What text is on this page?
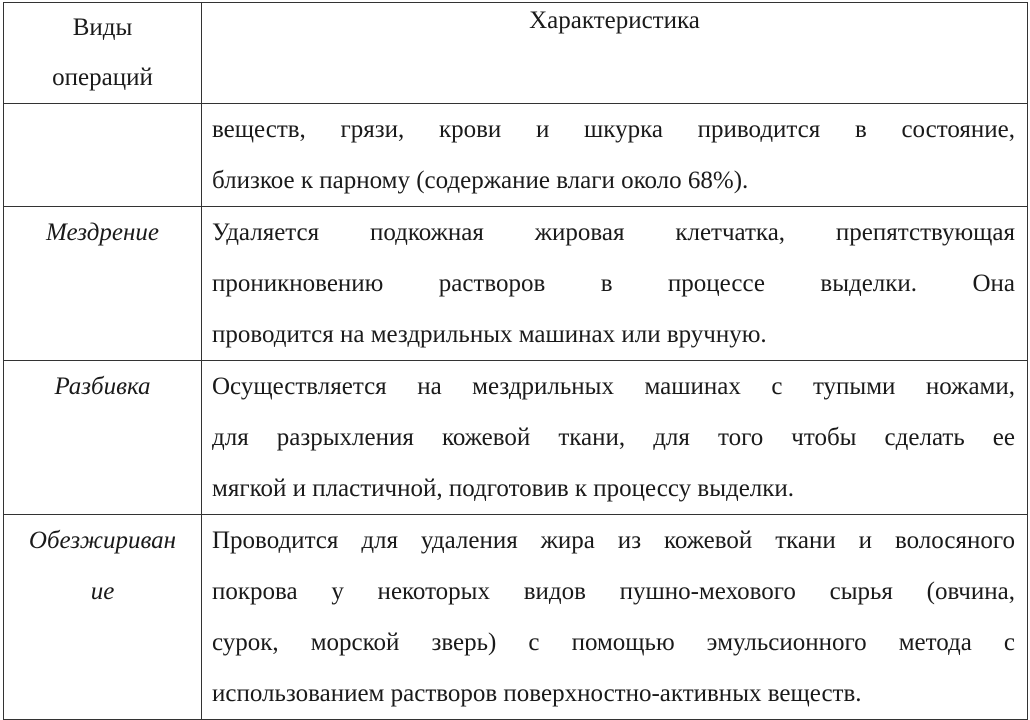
Виды
операций	Характеристика

	веществ, грязи, крови и шкурка приводится в состояние,
близкое к парному (содержание влаги около 68%).

Мездрение	Удаляется подкожная жировая клетчатка, препятствующая
проникновению растворов в процессе выделки. Она
проводится на мездрильных машинах или вручную.

Разбивка	Осуществляется на мездрильных машинах с тупыми ножами,
для разрыхления кожевой ткани, для того чтобы сделать ее
мягкой и пластичной, подготовив к процессу выделки.

Обезжириван
ие	Проводится для удаления жира из кожевой ткани и волосяного
покрова у некоторых видов пушно-мехового сырья (овчина,
сурок, морской зверь) с помощью эмульсионного метода с
использованием растворов поверхностно-активных веществ.
